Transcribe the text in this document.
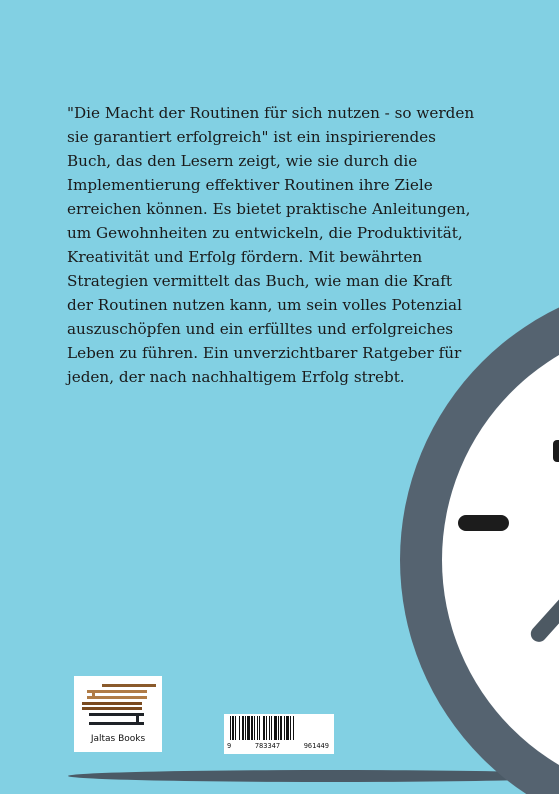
"Die Macht der Routinen für sich nutzen - so werden sie garantiert erfolgreich" ist ein inspirierendes Buch, das den Lesern zeigt, wie sie durch die Implementierung effektiver Routinen ihre Ziele erreichen können. Es bietet praktische Anleitungen, um Gewohnheiten zu entwickeln, die Produktivität, Kreativität und Erfolg fördern. Mit bewährten Strategien vermittelt das Buch, wie man die Kraft der Routinen nutzen kann, um sein volles Potenzial auszuschöpfen und ein erfülltes und erfolgreiches Leben zu führen. Ein unverzichtbarer Ratgeber für jeden, der nach nachhaltigem Erfolg strebt.

Jaltas Books
9	783347	961449
